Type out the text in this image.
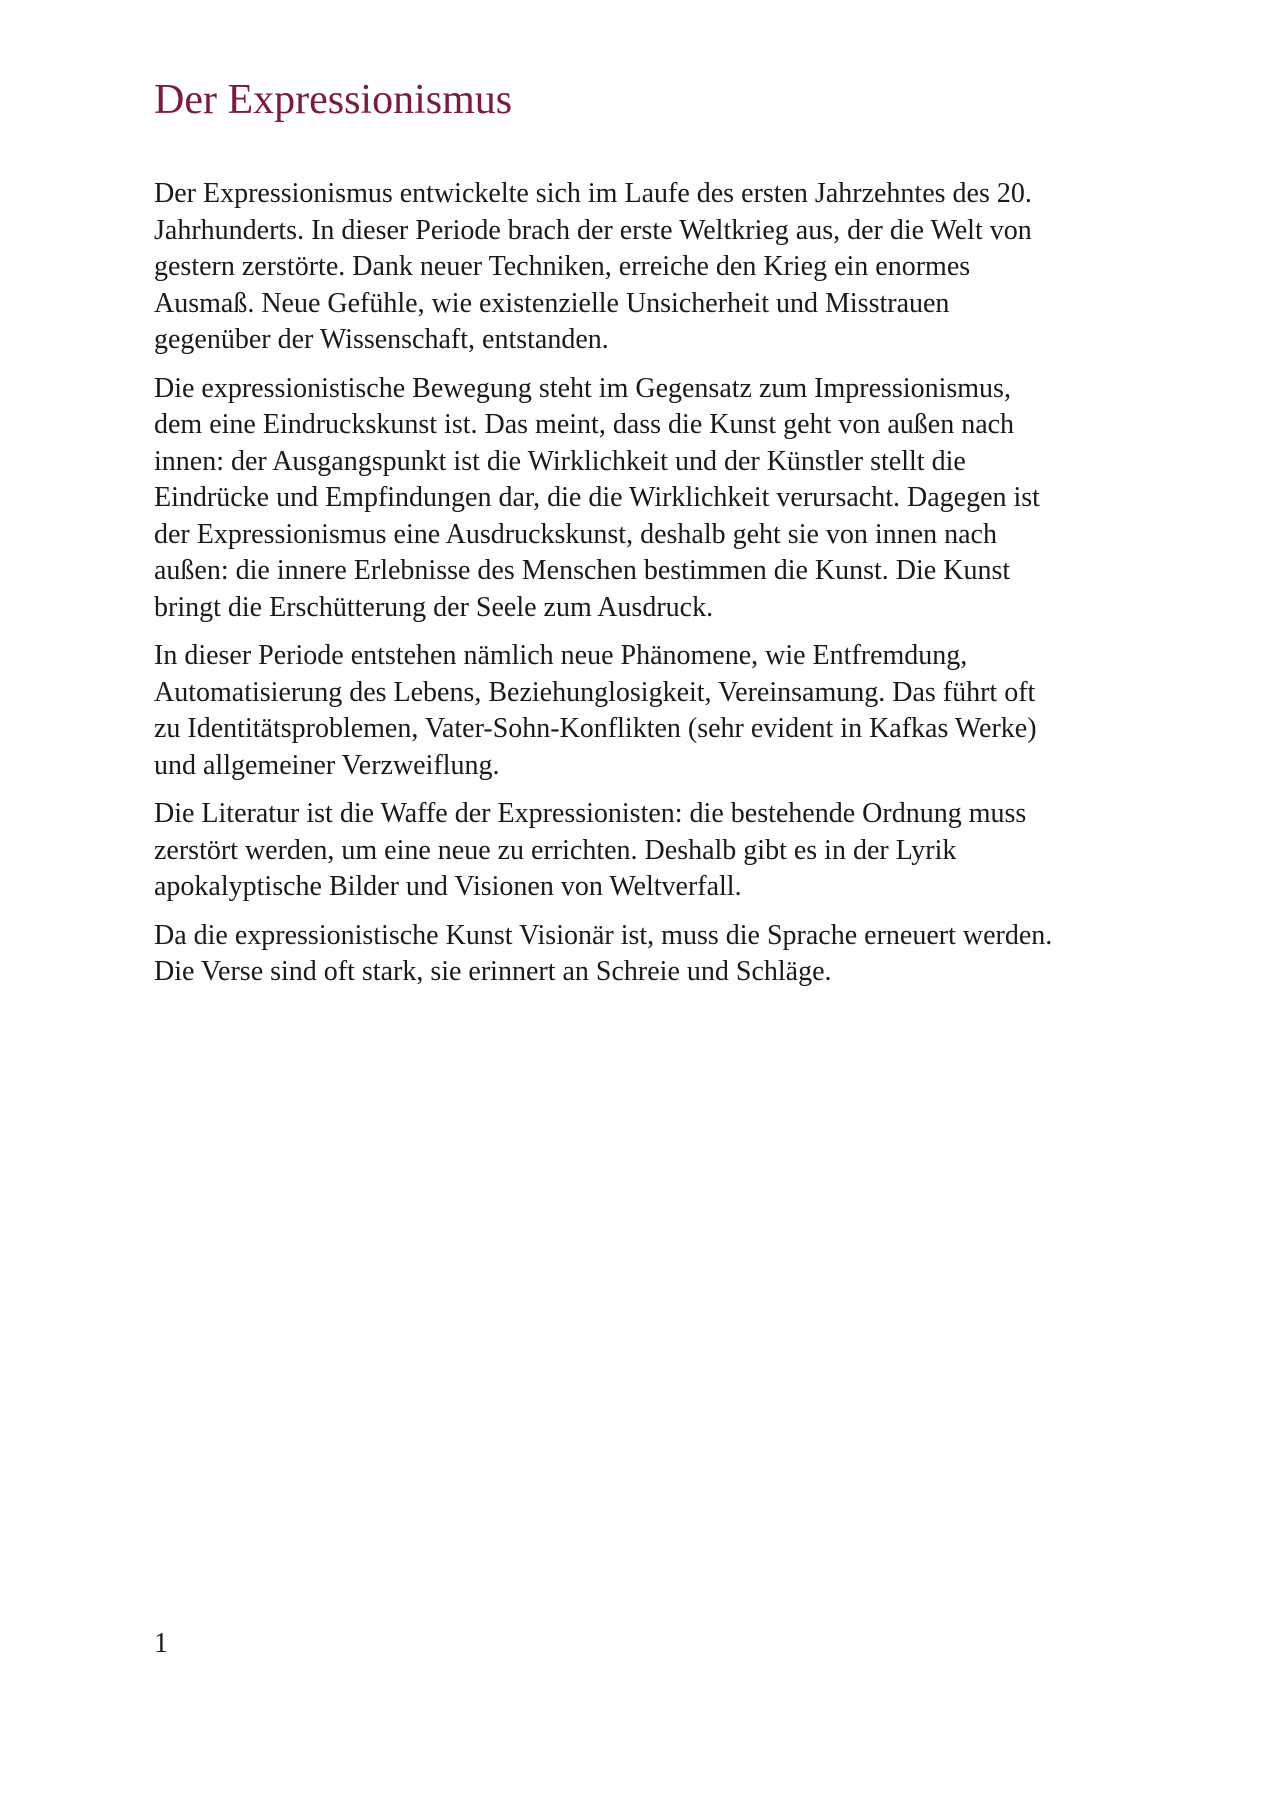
Der Expressionismus

Der Expressionismus entwickelte sich im Laufe des ersten Jahrzehntes des 20.
Jahrhunderts. In dieser Periode brach der erste Weltkrieg aus, der die Welt von
gestern zerstörte. Dank neuer Techniken, erreiche den Krieg ein enormes
Ausmaß. Neue Gefühle, wie existenzielle Unsicherheit und Misstrauen
gegenüber der Wissenschaft, entstanden.

Die expressionistische Bewegung steht im Gegensatz zum Impressionismus,
dem eine Eindruckskunst ist. Das meint, dass die Kunst geht von außen nach
innen: der Ausgangspunkt ist die Wirklichkeit und der Künstler stellt die
Eindrücke und Empfindungen dar, die die Wirklichkeit verursacht. Dagegen ist
der Expressionismus eine Ausdruckskunst, deshalb geht sie von innen nach
außen: die innere Erlebnisse des Menschen bestimmen die Kunst. Die Kunst
bringt die Erschütterung der Seele zum Ausdruck.

In dieser Periode entstehen nämlich neue Phänomene, wie Entfremdung,
Automatisierung des Lebens, Beziehunglosigkeit, Vereinsamung. Das führt oft
zu Identitätsproblemen, Vater-Sohn-Konflikten (sehr evident in Kafkas Werke)
und allgemeiner Verzweiflung.

Die Literatur ist die Waffe der Expressionisten: die bestehende Ordnung muss
zerstört werden, um eine neue zu errichten. Deshalb gibt es in der Lyrik
apokalyptische Bilder und Visionen von Weltverfall.

Da die expressionistische Kunst Visionär ist, muss die Sprache erneuert werden.
Die Verse sind oft stark, sie erinnert an Schreie und Schläge.

1
